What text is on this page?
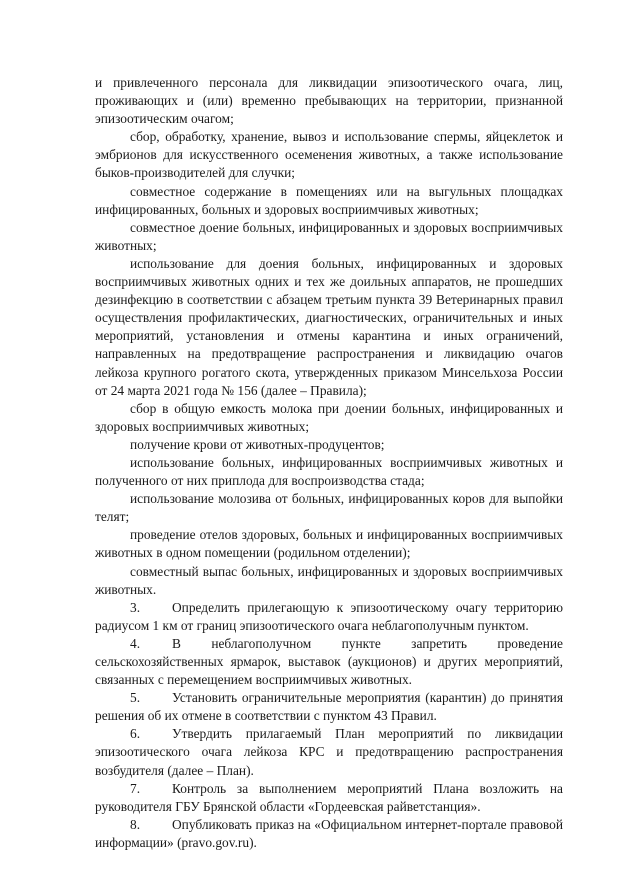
и привлеченного персонала для ликвидации эпизоотического очага, лиц, проживающих и (или) временно пребывающих на территории, признанной эпизоотическим очагом;

сбор, обработку, хранение, вывоз и использование спермы, яйцеклеток и эмбрионов для искусственного осеменения животных, а также использование быков-производителей для случки;

совместное содержание в помещениях или на выгульных площадках инфицированных, больных и здоровых восприимчивых животных;

совместное доение больных, инфицированных и здоровых восприимчивых животных;

использование для доения больных, инфицированных и здоровых восприимчивых животных одних и тех же доильных аппаратов, не прошедших дезинфекцию в соответствии с абзацем третьим пункта 39 Ветеринарных правил осуществления профилактических, диагностических, ограничительных и иных мероприятий, установления и отмены карантина и иных ограничений, направленных на предотвращение распространения и ликвидацию очагов лейкоза крупного рогатого скота, утвержденных приказом Минсельхоза России от 24 марта 2021 года № 156 (далее – Правила);

сбор в общую емкость молока при доении больных, инфицированных и здоровых восприимчивых животных;

получение крови от животных-продуцентов;

использование больных, инфицированных восприимчивых животных и полученного от них приплода для воспроизводства стада;

использование молозива от больных, инфицированных коров для выпойки телят;

проведение отелов здоровых, больных и инфицированных восприимчивых животных в одном помещении (родильном отделении);

совместный выпас больных, инфицированных и здоровых восприимчивых животных.

3. Определить прилегающую к эпизоотическому очагу территорию радиусом 1 км от границ эпизоотического очага неблагополучным пунктом.

4. В неблагополучном пункте запретить проведение сельскохозяйственных ярмарок, выставок (аукционов) и других мероприятий, связанных с перемещением восприимчивых животных.

5. Установить ограничительные мероприятия (карантин) до принятия решения об их отмене в соответствии с пунктом 43 Правил.

6. Утвердить прилагаемый План мероприятий по ликвидации эпизоотического очага лейкоза КРС и предотвращению распространения возбудителя (далее – План).

7. Контроль за выполнением мероприятий Плана возложить на руководителя ГБУ Брянской области «Гордеевская райветстанция».

8. Опубликовать приказ на «Официальном интернет-портале правовой информации» (pravo.gov.ru).
